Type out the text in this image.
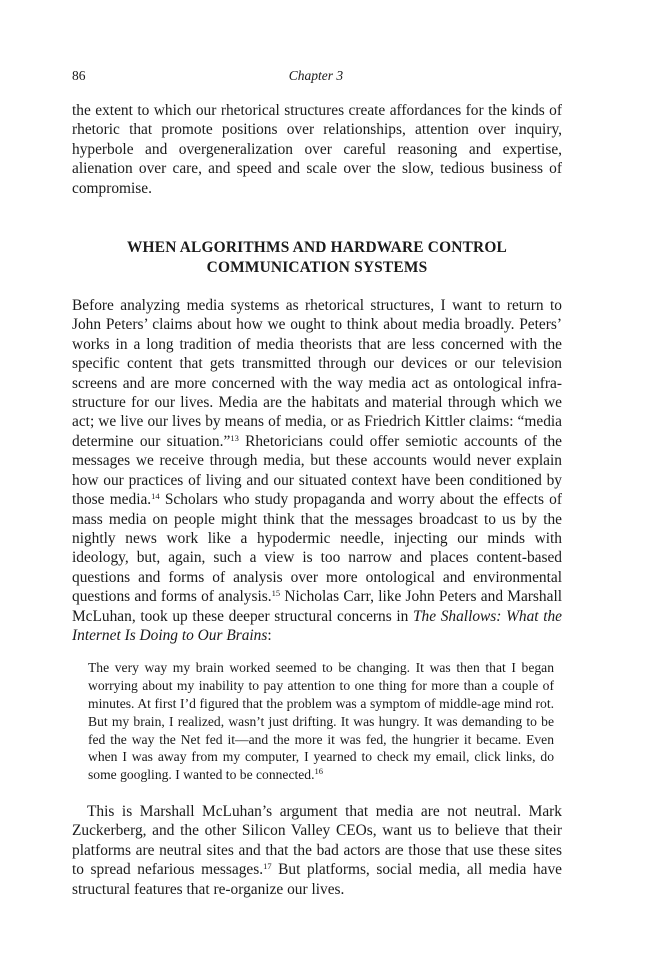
86	Chapter 3

the extent to which our rhetorical structures create affordances for the kinds of rhetoric that promote positions over relationships, attention over inquiry, hyperbole and overgeneralization over careful reasoning and expertise, alienation over care, and speed and scale over the slow, tedious business of compromise.

WHEN ALGORITHMS AND HARDWARE CONTROL
COMMUNICATION SYSTEMS

Before analyzing media systems as rhetorical structures, I want to return to John Peters’ claims about how we ought to think about media broadly. Peters’ works in a long tradition of media theorists that are less concerned with the specific content that gets transmitted through our devices or our television screens and are more concerned with the way media act as ontological infrastructure for our lives. Media are the habitats and material through which we act; we live our lives by means of media, or as Friedrich Kittler claims: “media determine our situation.”$^{13}$ Rhetoricians could offer semiotic accounts of the messages we receive through media, but these accounts would never explain how our practices of living and our situated context have been conditioned by those media.$^{14}$ Scholars who study propaganda and worry about the effects of mass media on people might think that the messages broadcast to us by the nightly news work like a hypodermic needle, injecting our minds with ideology, but, again, such a view is too narrow and places content-based questions and forms of analysis over more ontological and environmental questions and forms of analysis.$^{15}$ Nicholas Carr, like John Peters and Marshall McLuhan, took up these deeper structural concerns in The Shallows: What the Internet Is Doing to Our Brains:

The very way my brain worked seemed to be changing. It was then that I began worrying about my inability to pay attention to one thing for more than a couple of minutes. At first I’d figured that the problem was a symptom of middle-age mind rot. But my brain, I realized, wasn’t just drifting. It was hungry. It was demanding to be fed the way the Net fed it—and the more it was fed, the hungrier it became. Even when I was away from my computer, I yearned to check my email, click links, do some googling. I wanted to be connected.$^{16}$

This is Marshall McLuhan’s argument that media are not neutral. Mark Zuckerberg, and the other Silicon Valley CEOs, want us to believe that their platforms are neutral sites and that the bad actors are those that use these sites to spread nefarious messages.$^{17}$ But platforms, social media, all media have structural features that re-organize our lives.
